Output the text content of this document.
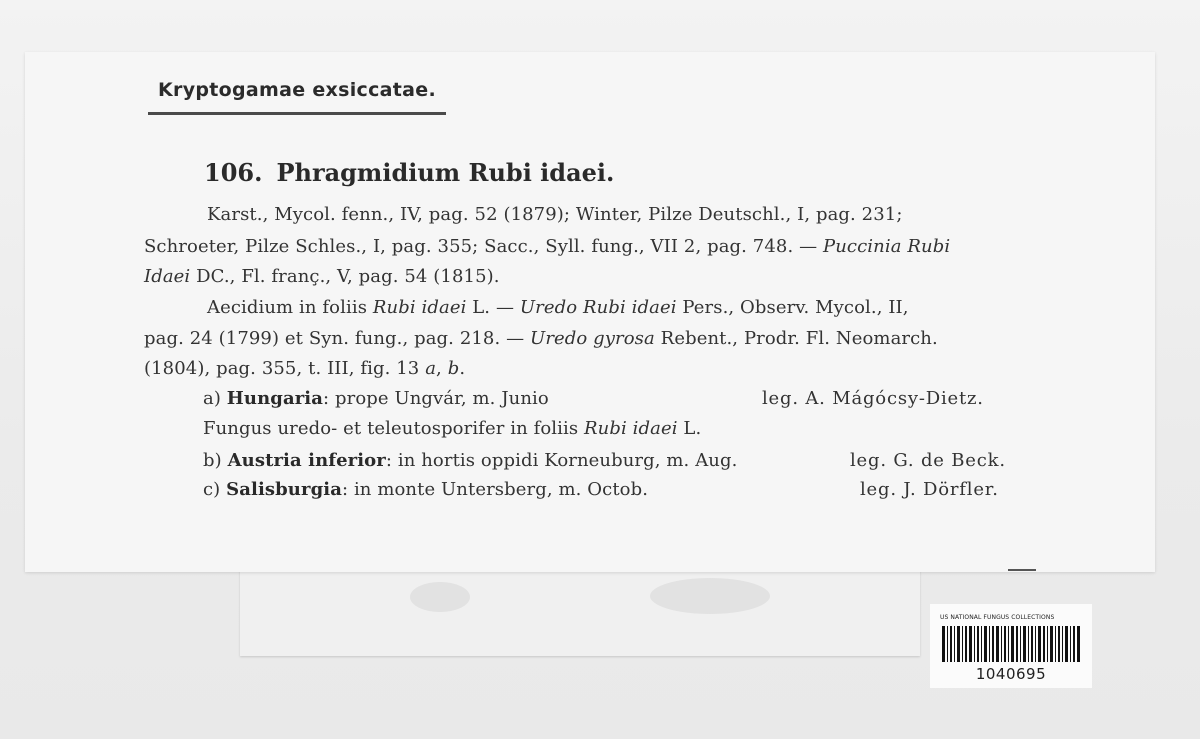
Kryptogamae exsiccatae.
106. Phragmidium Rubi idaei.
Karst., Mycol. fenn., IV, pag. 52 (1879); Winter, Pilze Deutschl., I, pag. 231;
Schroeter, Pilze Schles., I, pag. 355; Sacc., Syll. fung., VII 2, pag. 748. — Puccinia Rubi
Idaei DC., Fl. franç., V, pag. 54 (1815).
Aecidium in foliis Rubi idaei L. — Uredo Rubi idaei Pers., Observ. Mycol., II,
pag. 24 (1799) et Syn. fung., pag. 218. — Uredo gyrosa Rebent., Prodr. Fl. Neomarch.
(1804), pag. 355, t. III, fig. 13 a, b.
a) Hungaria: prope Ungvár, m. Junio	leg. A. Mágócsy-Dietz.
Fungus uredo- et teleutosporifer in foliis Rubi idaei L.
b) Austria inferior: in hortis oppidi Korneuburg, m. Aug.	leg. G. de Beck.
c) Salisburgia: in monte Untersberg, m. Octob.	leg. J. Dörfler.
US NATIONAL FUNGUS COLLECTIONS
1040695
